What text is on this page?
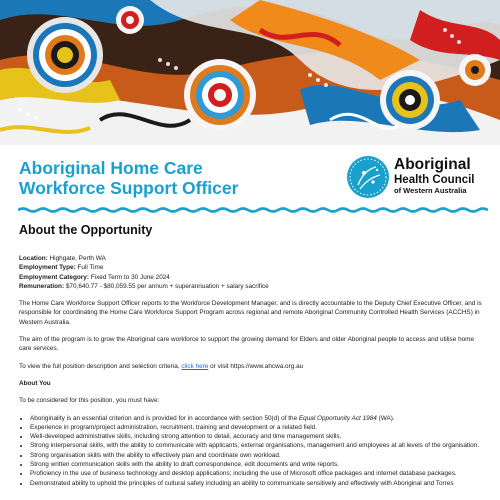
Aboriginal Home Care
Workforce Support Officer
Aboriginal
Health Council
of Western Australia
About the Opportunity

Location: Highgate, Perth WA

Employment Type: Full Time

Employment Category: Fixed Term to 30 June 2024

Remuneration: $70,640.77 - $80,059.55 per annum + superannuation + salary sacrifice

The Home Care Workforce Support Officer reports to the Workforce Development Manager, and is directly accountable to the Deputy Chief Executive Officer, and is responsible for coordinating the Home Care Workforce Support Program across regional and remote Aboriginal Community Controlled Health Services (ACCHS) in Western Australia.

The aim of the program is to grow the Aboriginal care workforce to support the growing demand for Elders and older Aboriginal people to access and utilise home care services.

To view the full position description and selection criteria, click here or visit https://www.ahcwa.org.au

About You

To be considered for this position, you must have:

• Aboriginality is an essential criterion and is provided for in accordance with section 50(d) of the Equal Opportunity Act 1984 (WA).
• Experience in program/project administration, recruitment, training and development or a related field.
• Well-developed administrative skills, including strong attention to detail, accuracy and time management skills.
• Strong interpersonal skills, with the ability to communicate with applicants, external organisations, management and employees at all levels of the organisation.
• Strong organisation skills with the ability to effectively plan and coordinate own workload.
• Strong written communication skills with the ability to draft correspondence, edit documents and write reports.
• Proficiency in the use of business technology and desktop applications; including the use of Microsoft office packages and internet database packages.
• Demonstrated ability to uphold the principles of cultural safety including an ability to communicate sensitively and effectively with Aboriginal and Torres
